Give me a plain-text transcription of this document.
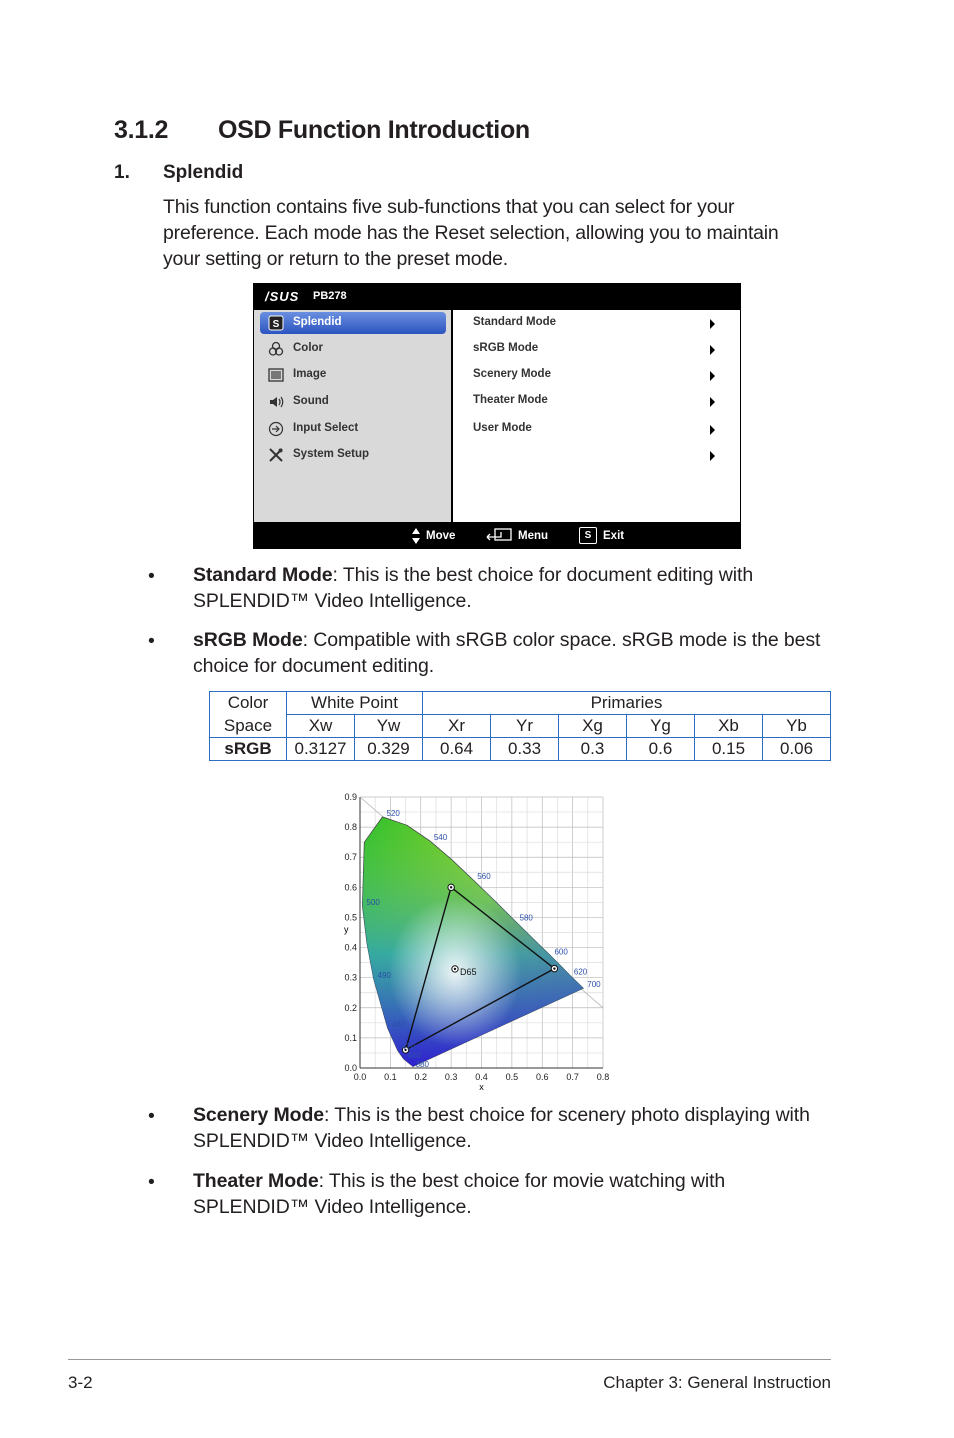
3.1.2 OSD Function Introduction
1. Splendid
This function contains five sub-functions that you can select for your preference. Each mode has the Reset selection, allowing you to maintain your setting or return to the preset mode.
/SUS PB278
S Splendid
Color
Image
Sound
Input Select
System Setup
Standard Mode
sRGB Mode
Scenery Mode
Theater Mode
User Mode
Move	Menu	S	Exit
• Standard Mode: This is the best choice for document editing with SPLENDID™ Video Intelligence.
• sRGB Mode: Compatible with sRGB color space. sRGB mode is the best choice for document editing.
Color	White Point		Primaries					
Space	Xw	Yw	Xr	Yr	Xg	Yg	Xb	Yb
sRGB	0.3127	0.329	0.64	0.33	0.3	0.6	0.15	0.06
0.0 0.1 0.2 0.3 0.4 0.5 0.6 0.7 0.8
0.0
0.1
0.2
0.3
0.4
0.5
0.6
0.7
0.8
0.9
x
y
D65
520
540
560
580
600
620
700
500
490
480
470
460
380
• Scenery Mode: This is the best choice for scenery photo displaying with SPLENDID™ Video Intelligence.
• Theater Mode: This is the best choice for movie watching with SPLENDID™ Video Intelligence.
3-2	Chapter 3: General Instruction
